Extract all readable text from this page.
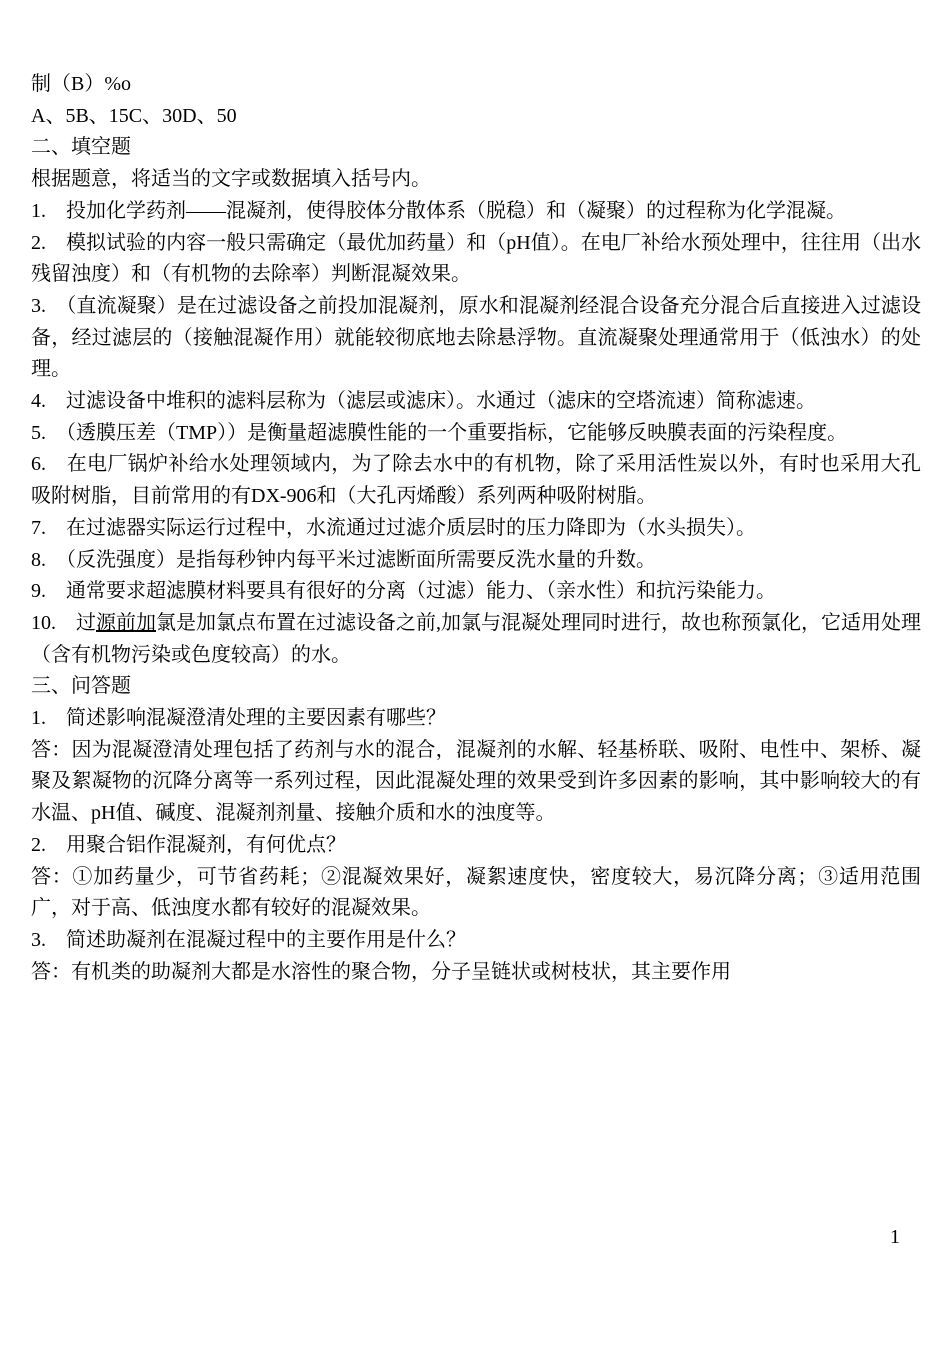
制（B）%o

A、5B、15C、30D、50

二、填空题

根据题意，将适当的文字或数据填入括号内。

1.　投加化学药剂——混凝剂，使得胶体分散体系（脱稳）和（凝聚）的过程称为化学混凝。

2.　模拟试验的内容一般只需确定（最优加药量）和（pH值）。在电厂补给水预处理中，往往用（出水残留浊度）和（有机物的去除率）判断混凝效果。

3.　（直流凝聚）是在过滤设备之前投加混凝剂，原水和混凝剂经混合设备充分混合后直接进入过滤设备，经过滤层的（接触混凝作用）就能较彻底地去除悬浮物。直流凝聚处理通常用于（低浊水）的处理。

4.　过滤设备中堆积的滤料层称为（滤层或滤床）。水通过（滤床的空塔流速）简称滤速。

5.　（透膜压差（TMP））是衡量超滤膜性能的一个重要指标，它能够反映膜表面的污染程度。

6.　在电厂锅炉补给水处理领域内，为了除去水中的有机物，除了采用活性炭以外，有时也采用大孔吸附树脂，目前常用的有DX-906和（大孔丙烯酸）系列两种吸附树脂。

7.　在过滤器实际运行过程中，水流通过过滤介质层时的压力降即为（水头损失）。

8.　（反洗强度）是指每秒钟内每平米过滤断面所需要反洗水量的升数。

9.　通常要求超滤膜材料要具有很好的分离（过滤）能力、（亲水性）和抗污染能力。

10.　过源前加氯是加氯点布置在过滤设备之前,加氯与混凝处理同时进行，故也称预氯化，它适用处理（含有机物污染或色度较高）的水。

三、问答题

1.　简述影响混凝澄清处理的主要因素有哪些？

答：因为混凝澄清处理包括了药剂与水的混合，混凝剂的水解、轻基桥联、吸附、电性中、架桥、凝聚及絮凝物的沉降分离等一系列过程，因此混凝处理的效果受到许多因素的影响，其中影响较大的有水温、pH值、碱度、混凝剂剂量、接触介质和水的浊度等。

2.　用聚合铝作混凝剂，有何优点？

答：①加药量少，可节省药耗；②混凝效果好，凝絮速度快，密度较大，易沉降分离；③适用范围广，对于高、低浊度水都有较好的混凝效果。

3.　简述助凝剂在混凝过程中的主要作用是什么？

答：有机类的助凝剂大都是水溶性的聚合物，分子呈链状或树枝状，其主要作用

1
